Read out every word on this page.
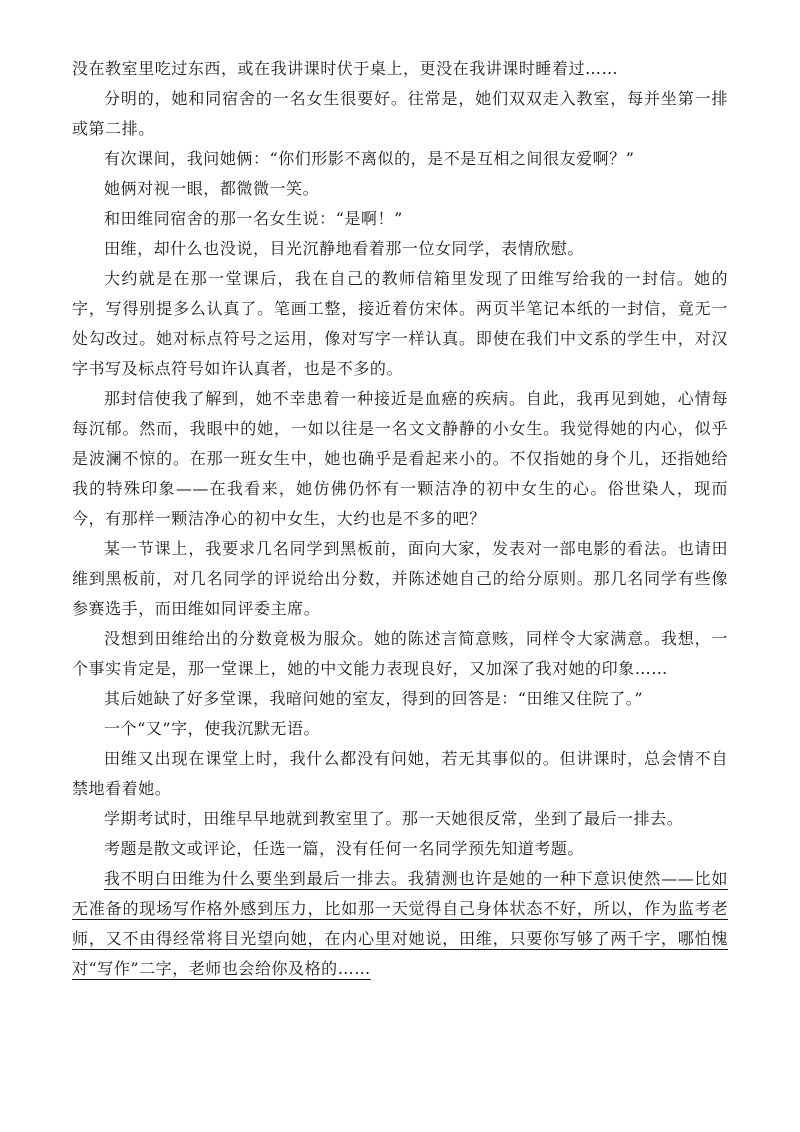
没在教室里吃过东西，或在我讲课时伏于桌上，更没在我讲课时睡着过……

分明的，她和同宿舍的一名女生很要好。往常是，她们双双走入教室，每并坐第一排或第二排。

有次课间，我问她俩：“你们形影不离似的，是不是互相之间很友爱啊？”

她俩对视一眼，都微微一笑。

和田维同宿舍的那一名女生说：“是啊！”

田维，却什么也没说，目光沉静地看着那一位女同学，表情欣慰。

大约就是在那一堂课后，我在自己的教师信箱里发现了田维写给我的一封信。她的字，写得别提多么认真了。笔画工整，接近着仿宋体。两页半笔记本纸的一封信，竟无一处勾改过。她对标点符号之运用，像对写字一样认真。即使在我们中文系的学生中，对汉字书写及标点符号如许认真者，也是不多的。

那封信使我了解到，她不幸患着一种接近是血癌的疾病。自此，我再见到她，心情每每沉郁。然而，我眼中的她，一如以往是一名文文静静的小女生。我觉得她的内心，似乎是波澜不惊的。在那一班女生中，她也确乎是看起来小的。不仅指她的身个儿，还指她给我的特殊印象——在我看来，她仿佛仍怀有一颗洁净的初中女生的心。俗世染人，现而今，有那样一颗洁净心的初中女生，大约也是不多的吧？

某一节课上，我要求几名同学到黑板前，面向大家，发表对一部电影的看法。也请田维到黑板前，对几名同学的评说给出分数，并陈述她自己的给分原则。那几名同学有些像参赛选手，而田维如同评委主席。

没想到田维给出的分数竟极为服众。她的陈述言简意赅，同样令大家满意。我想，一个事实肯定是，那一堂课上，她的中文能力表现良好，又加深了我对她的印象……

其后她缺了好多堂课，我暗问她的室友，得到的回答是：“田维又住院了。”

一个“又”字，使我沉默无语。

田维又出现在课堂上时，我什么都没有问她，若无其事似的。但讲课时，总会情不自禁地看着她。

学期考试时，田维早早地就到教室里了。那一天她很反常，坐到了最后一排去。

考题是散文或评论，任选一篇，没有任何一名同学预先知道考题。

我不明白田维为什么要坐到最后一排去。我猜测也许是她的一种下意识使然——比如无准备的现场写作格外感到压力，比如那一天觉得自己身体状态不好，所以，作为监考老师，又不由得经常将目光望向她，在内心里对她说，田维，只要你写够了两千字，哪怕愧对“写作”二字，老师也会给你及格的……
